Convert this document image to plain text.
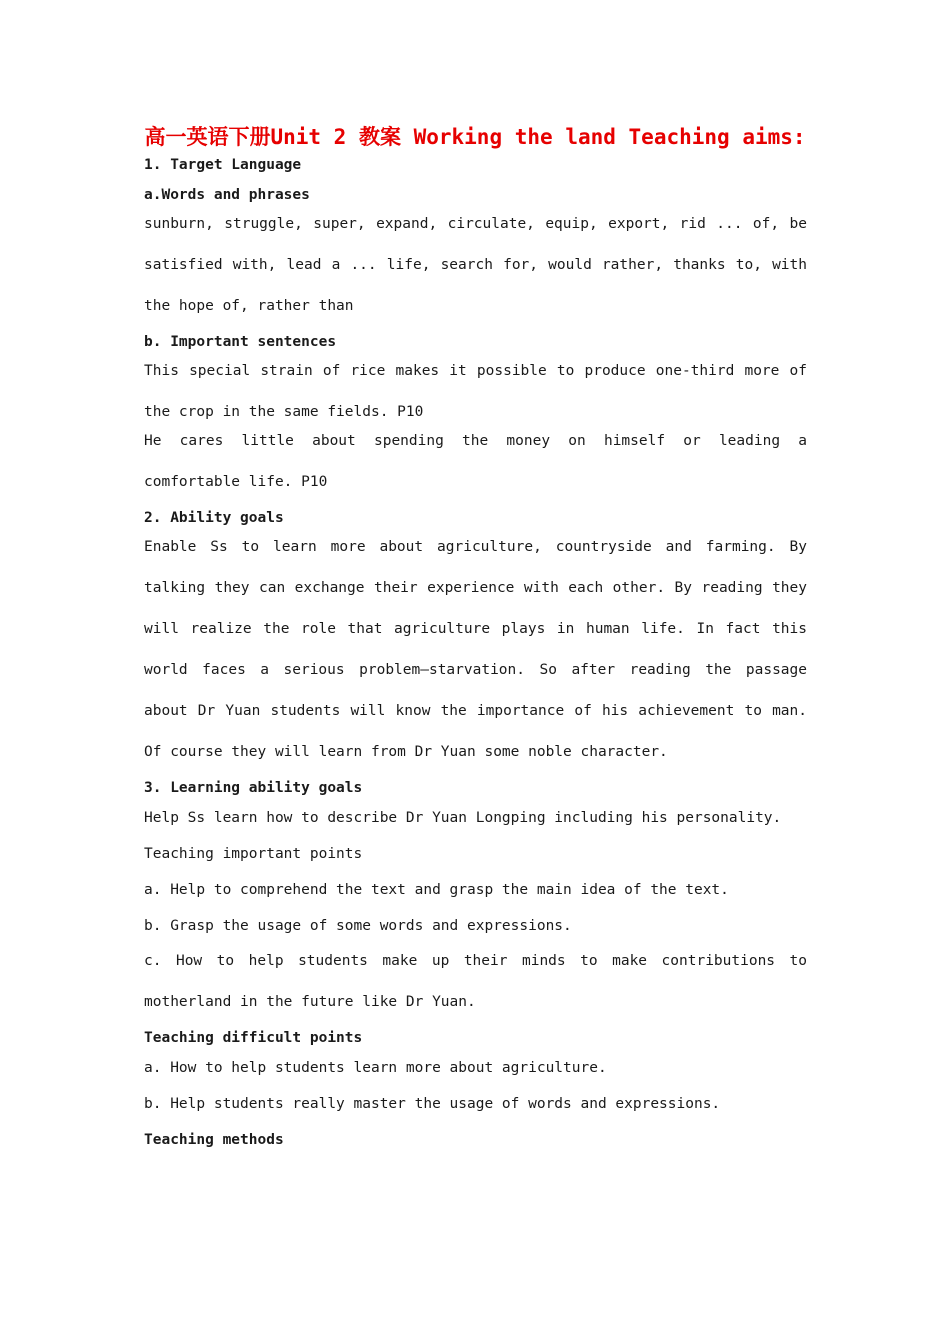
高一英语下册Unit 2 教案 Working the land Teaching aims:
1. Target Language
a.Words and phrases
sunburn, struggle, super, expand, circulate, equip, export, rid ... of, be satisfied with, lead a ... life, search for, would rather, thanks to, with the hope of, rather than
b. Important sentences
This special strain of rice makes it possible to produce one-third more of the crop in the same fields. P10
He cares little about spending the money on himself or leading a comfortable life. P10
2. Ability goals
Enable Ss to learn more about agriculture, countryside and farming. By talking they can exchange their experience with each other. By reading they will realize the role that agriculture plays in human life. In fact this world faces a serious problem—starvation. So after reading the passage about Dr Yuan students will know the importance of his achievement to man. Of course they will learn from Dr Yuan some noble character.
3. Learning ability goals
Help Ss learn how to describe Dr Yuan Longping including his personality.
Teaching important points
a. Help to comprehend the text and grasp the main idea of the text.
b. Grasp the usage of some words and expressions.
c. How to help students make up their minds to make contributions to motherland in the future like Dr Yuan.
Teaching difficult points
a. How to help students learn more about agriculture.
b. Help students really master the usage of words and expressions.
Teaching methods
